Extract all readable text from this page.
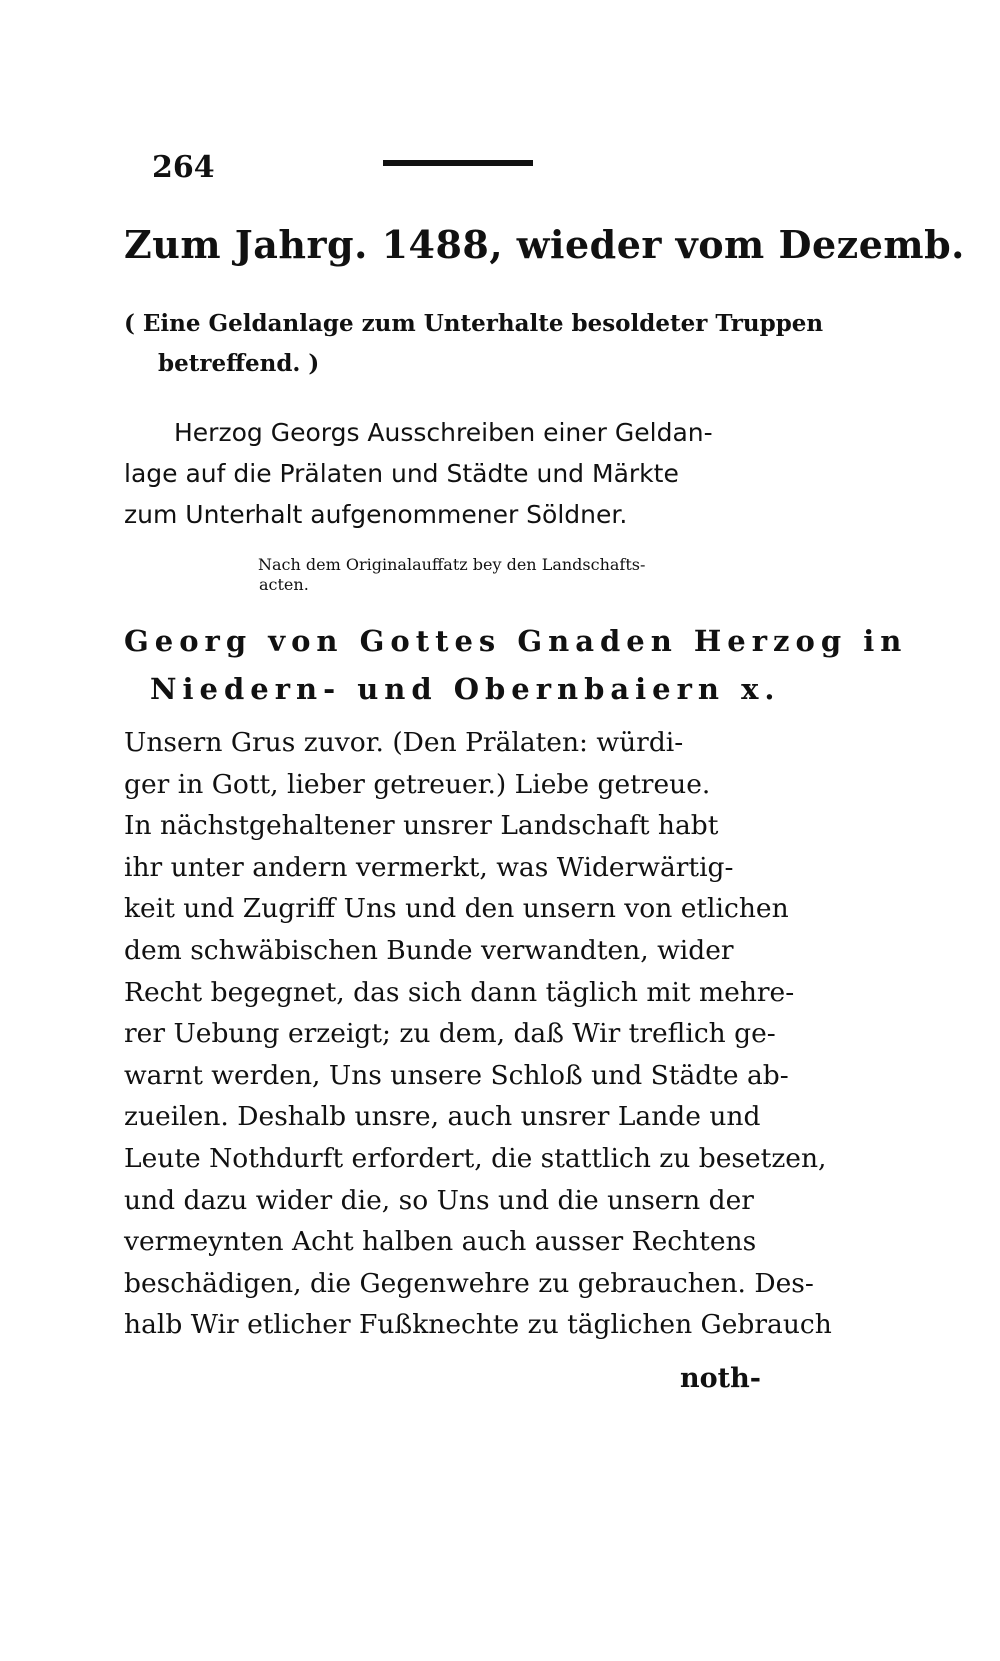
264
Zum Jahrg. 1488, wieder vom Dezemb.
( Eine Geldanlage zum Unterhalte besoldeter Truppen
betreffend. )
Herzog Georgs Ausschreiben einer Geldan-
lage auf die Prälaten und Städte und Märkte
zum Unterhalt aufgenommener Söldner.
Nach dem Originalauffatz bey den Landschafts-
acten.
Georg von Gottes Gnaden Herzog in
Niedern- und Obernbaiern x.
Unsern Grus zuvor. (Den Prälaten: würdi-
ger in Gott, lieber getreuer.) Liebe getreue.
In nächstgehaltener unsrer Landschaft habt
ihr unter andern vermerkt, was Widerwärtig-
keit und Zugriff Uns und den unsern von etlichen
dem schwäbischen Bunde verwandten, wider
Recht begegnet, das sich dann täglich mit mehre-
rer Uebung erzeigt; zu dem, daß Wir treflich ge-
warnt werden, Uns unsere Schloß und Städte ab-
zueilen. Deshalb unsre, auch unsrer Lande und
Leute Nothdurft erfordert, die stattlich zu besetzen,
und dazu wider die, so Uns und die unsern der
vermeynten Acht halben auch ausser Rechtens
beschädigen, die Gegenwehre zu gebrauchen. Des-
halb Wir etlicher Fußknechte zu täglichen Gebrauch
noth-
